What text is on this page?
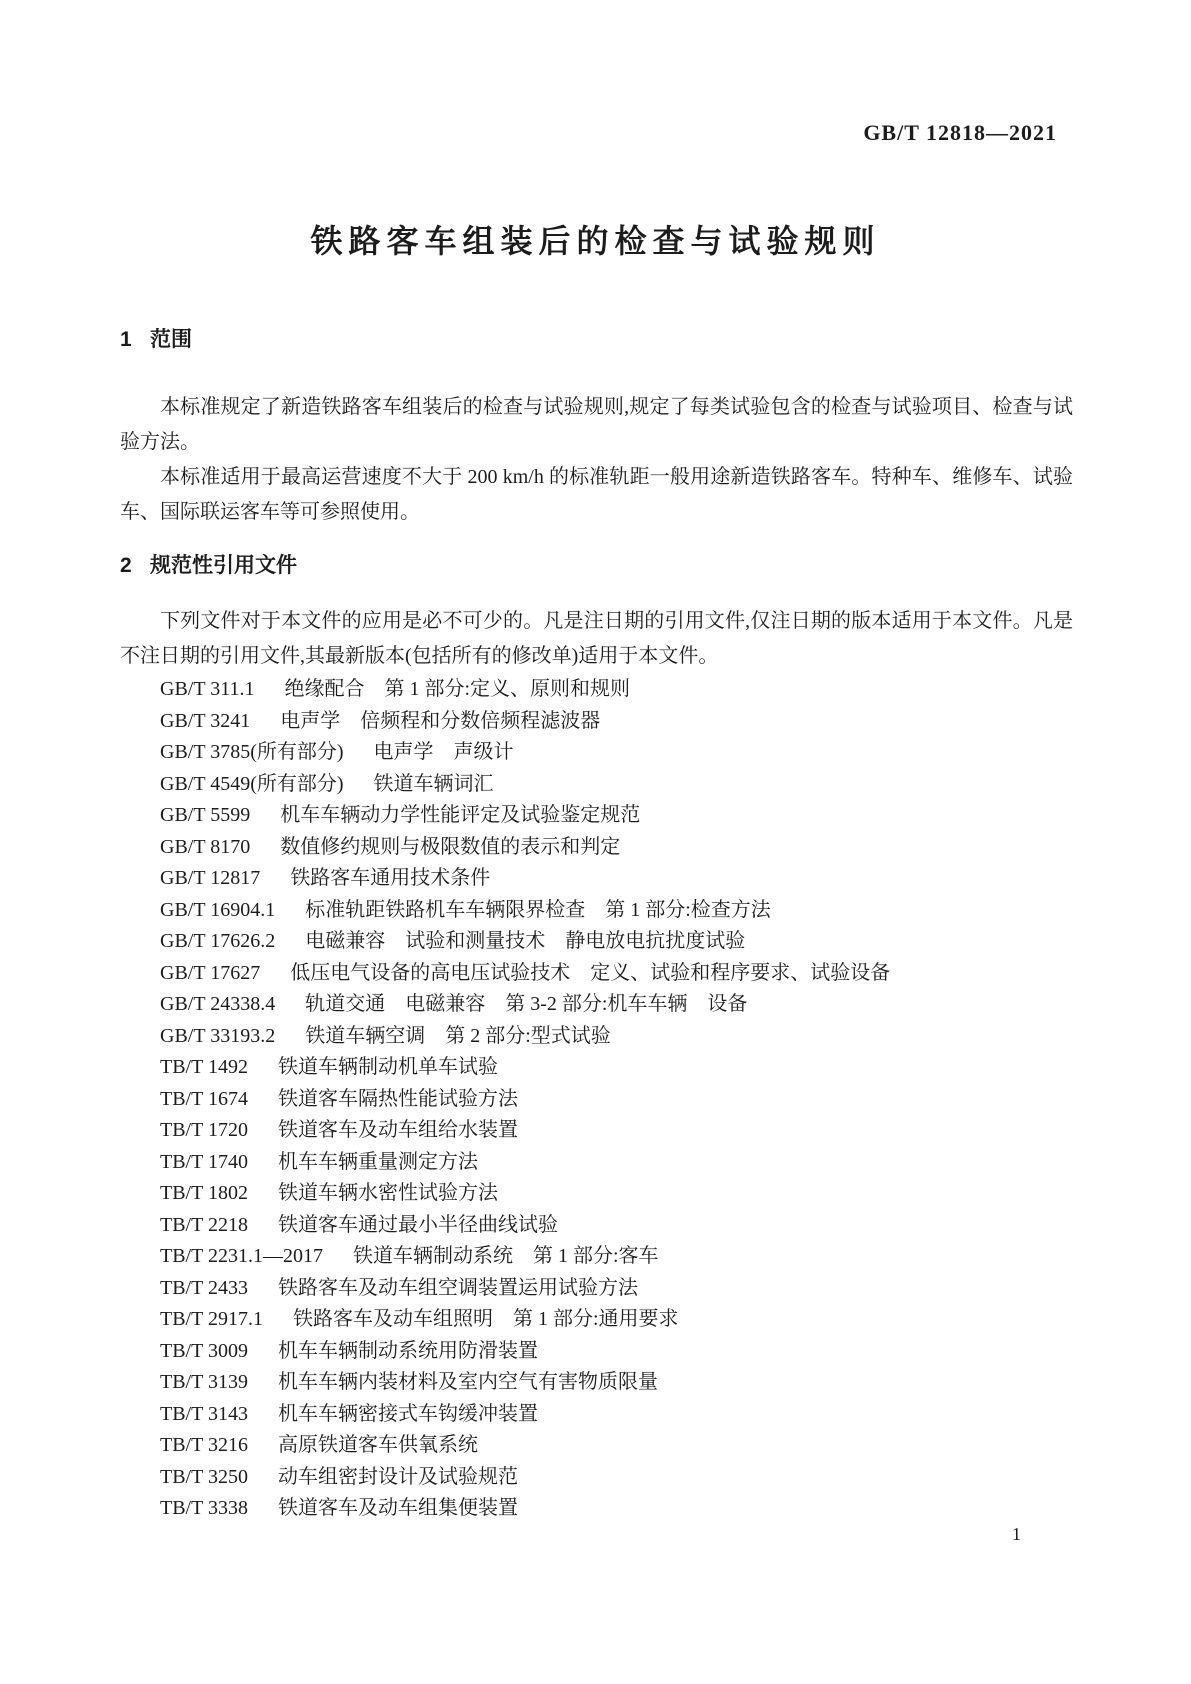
GB/T 12818—2021
铁路客车组装后的检查与试验规则
1 范围

本标准规定了新造铁路客车组装后的检查与试验规则,规定了每类试验包含的检查与试验项目、检查与试验方法。

本标准适用于最高运营速度不大于 200 km/h 的标准轨距一般用途新造铁路客车。特种车、维修车、试验车、国际联运客车等可参照使用。

2 规范性引用文件

下列文件对于本文件的应用是必不可少的。凡是注日期的引用文件,仅注日期的版本适用于本文件。凡是不注日期的引用文件,其最新版本(包括所有的修改单)适用于本文件。

GB/T 311.1 绝缘配合　第 1 部分:定义、原则和规则
GB/T 3241 电声学　倍频程和分数倍频程滤波器
GB/T 3785(所有部分) 电声学　声级计
GB/T 4549(所有部分) 铁道车辆词汇
GB/T 5599 机车车辆动力学性能评定及试验鉴定规范
GB/T 8170 数值修约规则与极限数值的表示和判定
GB/T 12817 铁路客车通用技术条件
GB/T 16904.1 标准轨距铁路机车车辆限界检查　第 1 部分:检查方法
GB/T 17626.2 电磁兼容　试验和测量技术　静电放电抗扰度试验
GB/T 17627 低压电气设备的高电压试验技术　定义、试验和程序要求、试验设备
GB/T 24338.4 轨道交通　电磁兼容　第 3-2 部分:机车车辆　设备
GB/T 33193.2 铁道车辆空调　第 2 部分:型式试验
TB/T 1492 铁道车辆制动机单车试验
TB/T 1674 铁道客车隔热性能试验方法
TB/T 1720 铁道客车及动车组给水装置
TB/T 1740 机车车辆重量测定方法
TB/T 1802 铁道车辆水密性试验方法
TB/T 2218 铁道客车通过最小半径曲线试验
TB/T 2231.1—2017 铁道车辆制动系统　第 1 部分:客车
TB/T 2433 铁路客车及动车组空调装置运用试验方法
TB/T 2917.1 铁路客车及动车组照明　第 1 部分:通用要求
TB/T 3009 机车车辆制动系统用防滑装置
TB/T 3139 机车车辆内装材料及室内空气有害物质限量
TB/T 3143 机车车辆密接式车钩缓冲装置
TB/T 3216 高原铁道客车供氧系统
TB/T 3250 动车组密封设计及试验规范
TB/T 3338 铁道客车及动车组集便装置
1
